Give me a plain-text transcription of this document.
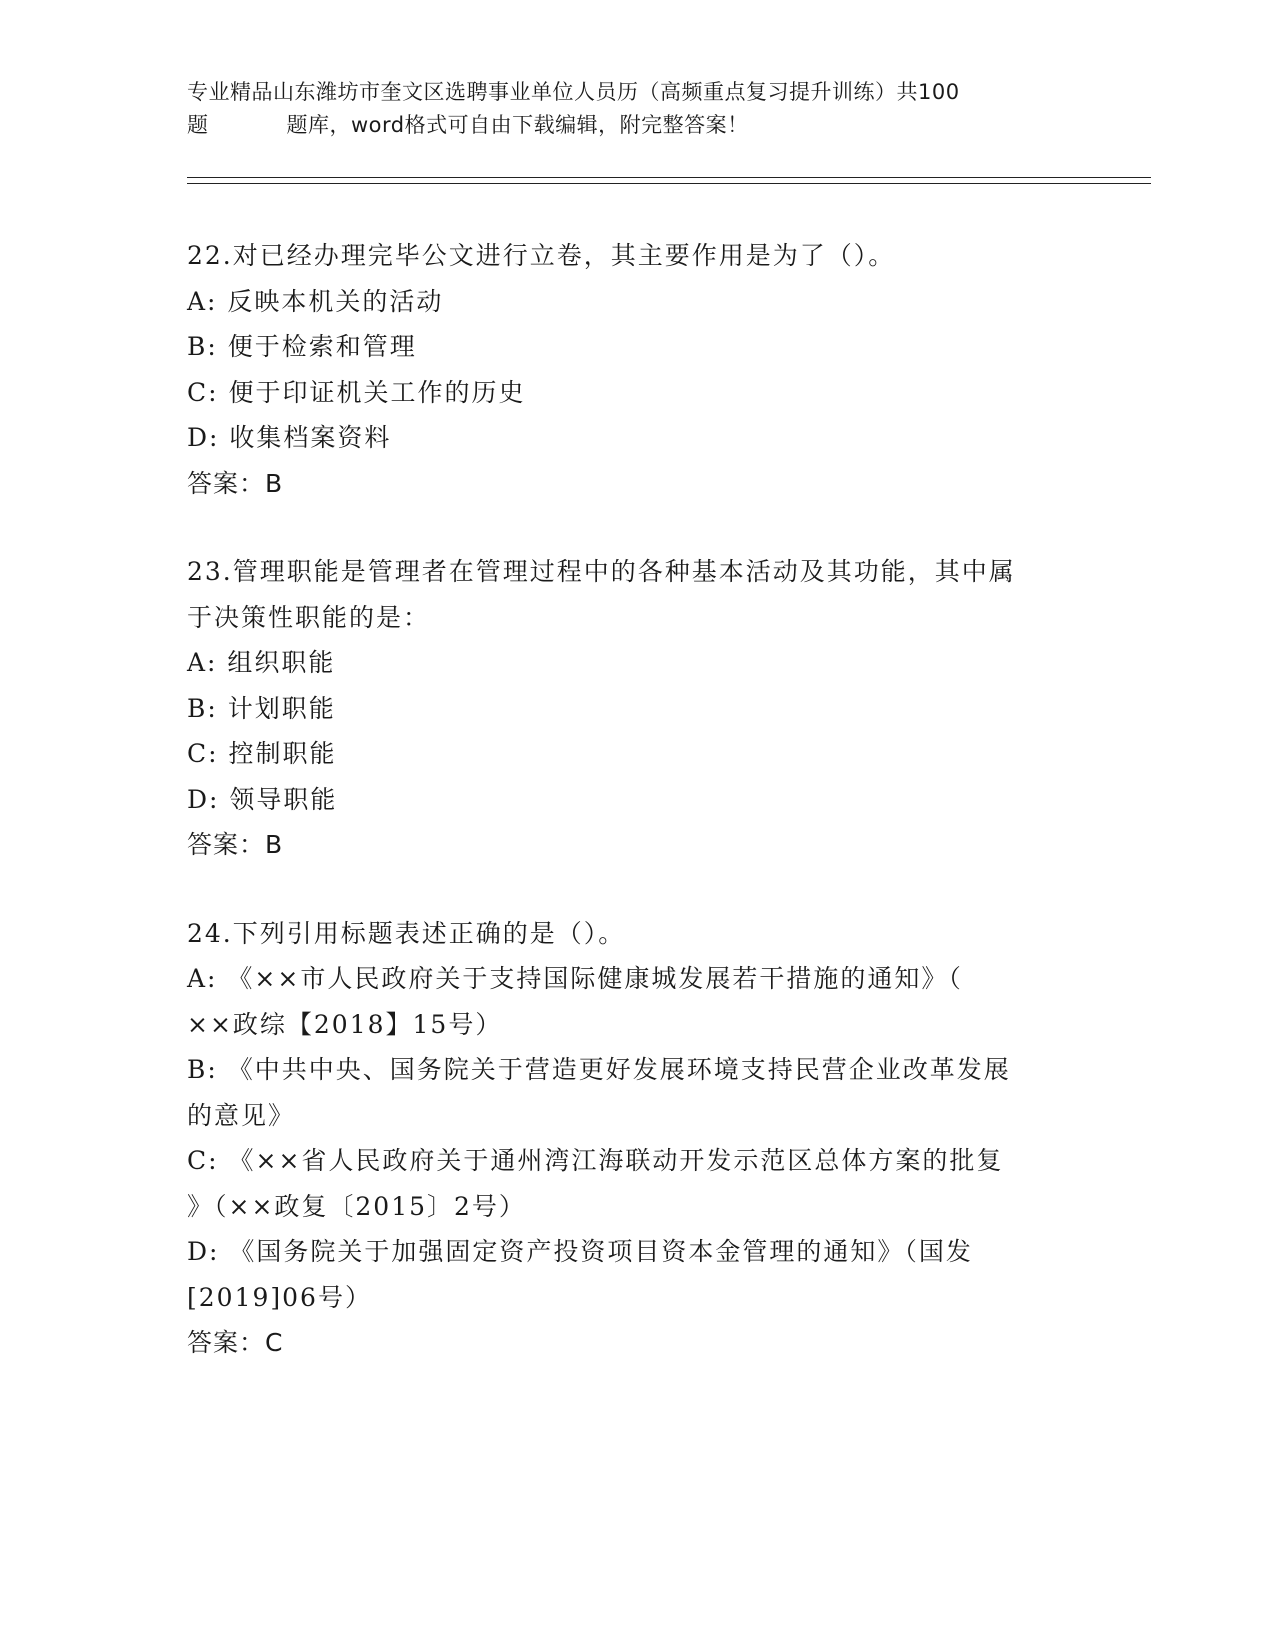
专业精品山东潍坊市奎文区选聘事业单位人员历（高频重点复习提升训练）共100
题	题库，word格式可自由下载编辑，附完整答案！
22.对已经办理完毕公文进行立卷，其主要作用是为了（）。
A: 反映本机关的活动
B: 便于检索和管理
C: 便于印证机关工作的历史
D: 收集档案资料
答案：B
23.管理职能是管理者在管理过程中的各种基本活动及其功能，其中属
于决策性职能的是：
A: 组织职能
B: 计划职能
C: 控制职能
D: 领导职能
答案：B
24.下列引用标题表述正确的是（）。
A: 《××市人民政府关于支持国际健康城发展若干措施的通知》（
××政综【2018】15号）
B: 《中共中央、国务院关于营造更好发展环境支持民营企业改革发展
的意见》
C: 《××省人民政府关于通州湾江海联动开发示范区总体方案的批复
》（××政复〔2015〕2号）
D: 《国务院关于加强固定资产投资项目资本金管理的通知》（国发
[2019]06号）
答案：C
